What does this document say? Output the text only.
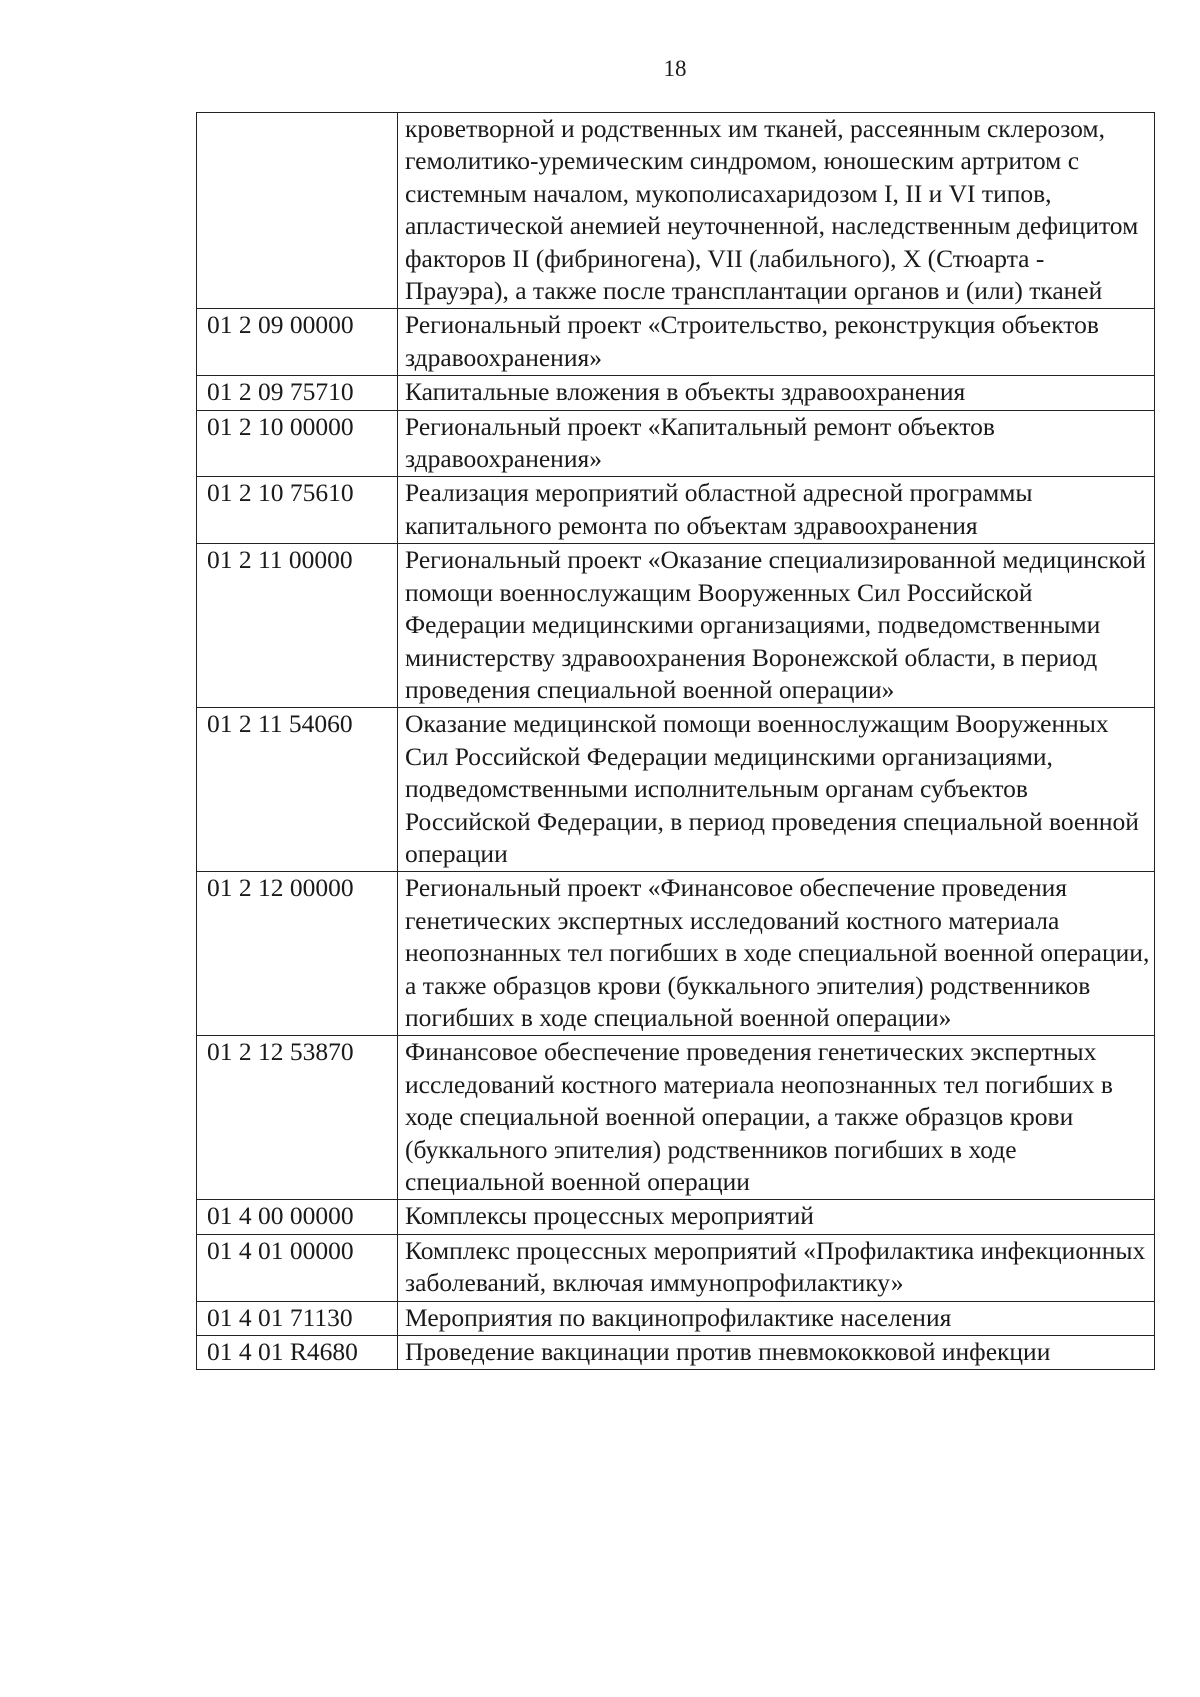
18
	кроветворной и родственных им тканей, рассеянным склерозом, гемолитико-уремическим синдромом, юношеским артритом с системным началом, мукополисахаридозом I, II и VI типов, апластической анемией неуточненной, наследственным дефицитом факторов II (фибриногена), VII (лабильного), X (Стюарта - Прауэра), а также после трансплантации органов и (или) тканей
01 2 09 00000	Региональный проект «Строительство, реконструкция объектов здравоохранения»
01 2 09 75710	Капитальные вложения в объекты здравоохранения
01 2 10 00000	Региональный проект «Капитальный ремонт объектов здравоохранения»
01 2 10 75610	Реализация мероприятий областной адресной программы капитального ремонта по объектам здравоохранения
01 2 11 00000	Региональный проект «Оказание специализированной медицинской помощи военнослужащим Вооруженных Сил Российской Федерации медицинскими организациями, подведомственными министерству здравоохранения Воронежской области, в период проведения специальной военной операции»
01 2 11 54060	Оказание медицинской помощи военнослужащим Вооруженных Сил Российской Федерации медицинскими организациями, подведомственными исполнительным органам субъектов Российской Федерации, в период проведения специальной военной операции
01 2 12 00000	Региональный проект «Финансовое обеспечение проведения генетических экспертных исследований костного материала неопознанных тел погибших в ходе специальной военной операции, а также образцов крови (буккального эпителия) родственников погибших в ходе специальной военной операции»
01 2 12 53870	Финансовое обеспечение проведения генетических экспертных исследований костного материала неопознанных тел погибших в ходе специальной военной операции, а также образцов крови (буккального эпителия) родственников погибших в ходе специальной военной операции
01 4 00 00000	Комплексы процессных мероприятий
01 4 01 00000	Комплекс процессных мероприятий «Профилактика инфекционных заболеваний, включая иммунопрофилактику»
01 4 01 71130	Мероприятия по вакцинопрофилактике населения
01 4 01 R4680	Проведение вакцинации против пневмококковой инфекции
